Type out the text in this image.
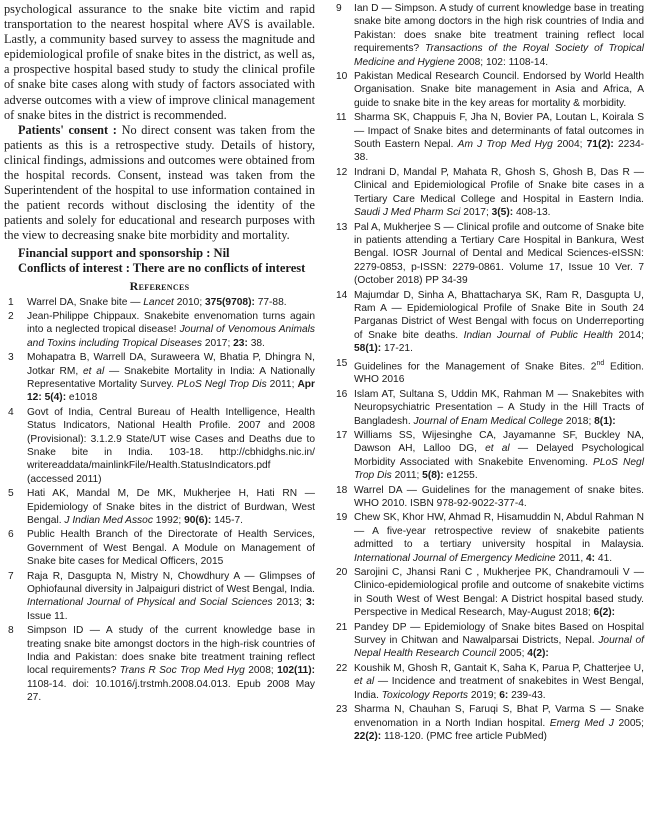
psychological assurance to the snake bite victim and rapid transportation to the nearest hospital where AVS is available. Lastly, a community based survey to assess the magnitude and epidemiological profile of snake bites in the district, as well as, a prospective hospital based study to study the clinical profile of snake bite cases along with study of factors associated with adverse outcomes with a view of improve clinical management of snake bites in the district is recommended.

Patients' consent : No direct consent was taken from the patients as this is a retrospective study. Details of history, clinical findings, admissions and outcomes were obtained from the hospital records. Consent, instead was taken from the Superintendent of the hospital to use information contained in the patient records without disclosing the identity of the patients and solely for educational and research purposes with the view to decreasing snake bite morbidity and mortality.

Financial support and sponsorship : Nil

Conflicts of interest : There are no conflicts of interest

References
1	Warrel DA, Snake bite — Lancet 2010; 375(9708): 77-88.
2	Jean-Philippe Chippaux. Snakebite envenomation turns again into a neglected tropical disease! Journal of Venomous Animals and Toxins including Tropical Diseases 2017; 23: 38.
3	Mohapatra B, Warrell DA, Suraweera W, Bhatia P, Dhingra N, Jotkar RM, et al — Snakebite Mortality in India: A Nationally Representative Mortality Survey. PLoS Negl Trop Dis 2011; Apr 12: 5(4): e1018
4	Govt of India, Central Bureau of Health Intelligence, Health Status Indicators, National Health Profile. 2007 and 2008 (Provisional): 3.1.2.9 State/UT wise Cases and Deaths due to Snake bite in India. 103-18. http://cbhidghs.nic.in/ writereaddata/mainlinkFile/Health.StatusIndicators.pdf (accessed 2011)
5	Hati AK, Mandal M, De MK, Mukherjee H, Hati RN — Epidemiology of Snake bites in the district of Burdwan, West Bengal. J Indian Med Assoc 1992; 90(6): 145-7.
6	Public Health Branch of the Directorate of Health Services, Government of West Bengal. A Module on Management of Snake bite cases for Medical Officers, 2015
7	Raja R, Dasgupta N, Mistry N, Chowdhury A — Glimpses of Ophiofaunal diversity in Jalpaiguri district of West Bengal, India. International Journal of Physical and Social Sciences 2013; 3: Issue 11.
8	Simpson ID — A study of the current knowledge base in treating snake bite amongst doctors in the high-risk countries of India and Pakistan: does snake bite treatment training reflect local requirements? Trans R Soc Trop Med Hyg 2008; 102(11): 1108-14. doi: 10.1016/j.trstmh.2008.04.013. Epub 2008 May 27.
9	Ian D — Simpson. A study of current knowledge base in treating snake bite among doctors in the high risk countries of India and Pakistan: does snake bite treatment training reflect local requirements? Transactions of the Royal Society of Tropical Medicine and Hygiene 2008; 102: 1108-14.
10 Pakistan Medical Research Council. Endorsed by World Health Organisation. Snake bite management in Asia and Africa, A guide to snake bite in the key areas for mortality & morbidity.
11 Sharma SK, Chappuis F, Jha N, Bovier PA, Loutan L, Koirala S — Impact of Snake bites and determinants of fatal outcomes in South Eastern Nepal. Am J Trop Med Hyg 2004; 71(2): 2234-38.
12 Indrani D, Mandal P, Mahata R, Ghosh S, Ghosh B, Das R — Clinical and Epidemiological Profile of Snake bite cases in a Tertiary Care Medical College and Hospital in Eastern India. Saudi J Med Pharm Sci 2017; 3(5): 408-13.
13 Pal A, Mukherjee S — Clinical profile and outcome of Snake bite in patients attending a Tertiary Care Hospital in Bankura, West Bengal. IOSR Journal of Dental and Medical Sciences-eISSN: 2279-0853, p-ISSN: 2279-0861. Volume 17, Issue 10 Ver. 7 (October 2018) PP 34-39
14 Majumdar D, Sinha A, Bhattacharya SK, Ram R, Dasgupta U, Ram A — Epidemiological Profile of Snake Bite in South 24 Parganas District of West Bengal with focus on Underreporting of Snake bite deaths. Indian Journal of Public Health 2014; 58(1): 17-21.
15 Guidelines for the Management of Snake Bites. 2nd Edition. WHO 2016
16 Islam AT, Sultana S, Uddin MK, Rahman M — Snakebites with Neuropsychiatric Presentation – A Study in the Hill Tracts of Bangladesh. Journal of Enam Medical College 2018; 8(1):
17 Williams SS, Wijesinghe CA, Jayamanne SF, Buckley NA, Dawson AH, Lalloo DG, et al — Delayed Psychological Morbidity Associated with Snakebite Envenoming. PLoS Negl Trop Dis 2011; 5(8): e1255.
18 Warrel DA — Guidelines for the management of snake bites. WHO 2010. ISBN 978-92-9022-377-4.
19 Chew SK, Khor HW, Ahmad R, Hisamuddin N, Abdul Rahman N — A five-year retrospective review of snakebite patients admitted to a tertiary university hospital in Malaysia. International Journal of Emergency Medicine 2011, 4: 41.
20 Sarojini C, Jhansi Rani C , Mukherjee PK, Chandramouli V — Clinico-epidemiological profile and outcome of snakebite victims in South West of West Bengal: A District hospital based study. Perspective in Medical Research, May-August 2018; 6(2):
21 Pandey DP — Epidemiology of Snake bites Based on Hospital Survey in Chitwan and Nawalparsai Districts, Nepal. Journal of Nepal Health Research Council 2005; 4(2):
22 Koushik M, Ghosh R, Gantait K, Saha K, Parua P, Chatterjee U, et al — Incidence and treatment of snakebites in West Bengal, India. Toxicology Reports 2019; 6: 239-43.
23 Sharma N, Chauhan S, Faruqi S, Bhat P, Varma S — Snake envenomation in a North Indian hospital. Emerg Med J 2005; 22(2): 118-120. (PMC free article PubMed)
